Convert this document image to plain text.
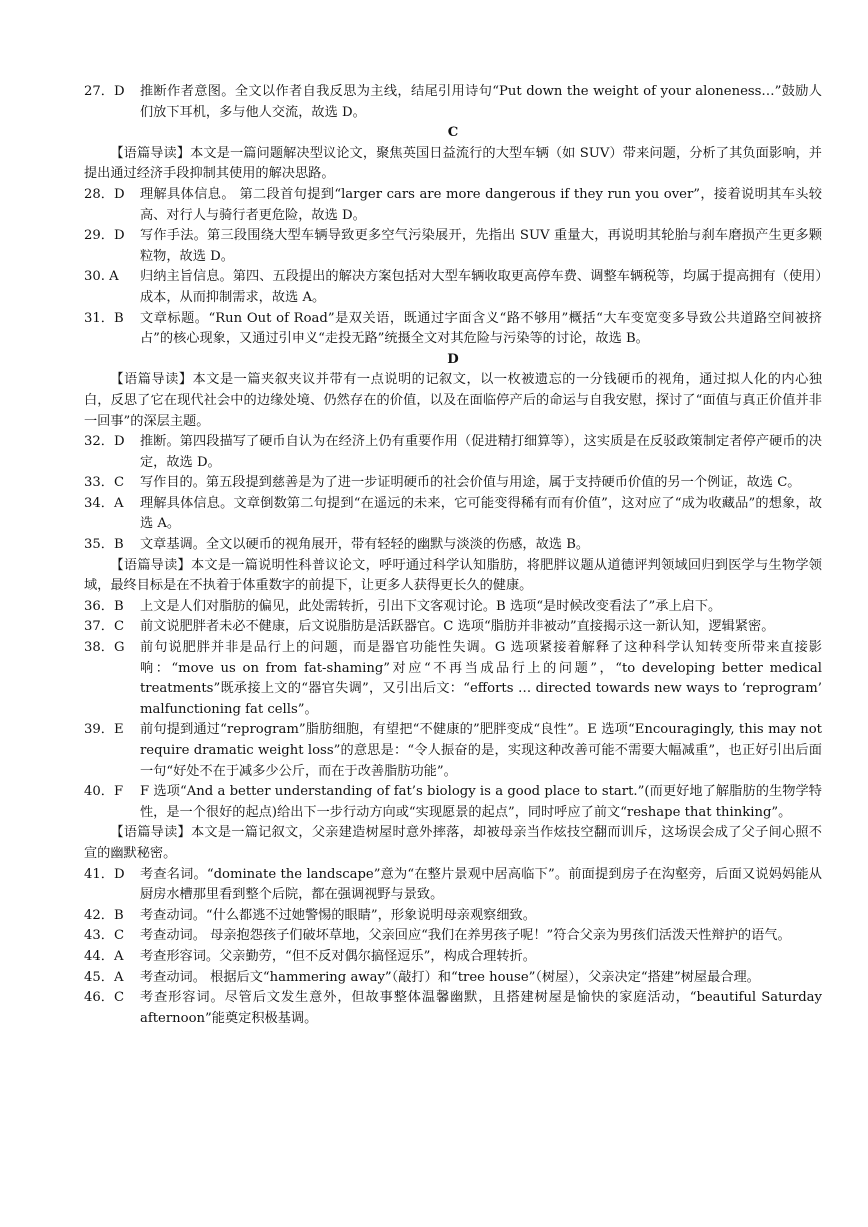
27．D	推断作者意图。全文以作者自我反思为主线，结尾引用诗句“Put down the weight of your aloneness…”鼓励人们放下耳机，多与他人交流，故选 D。
C

【语篇导读】本文是一篇问题解决型议论文，聚焦英国日益流行的大型车辆（如 SUV）带来问题，分析了其负面影响，并提出通过经济手段抑制其使用的解决思路。

28．D	理解具体信息。 第二段首句提到“larger cars are more dangerous if they run you over”，接着说明其车头较高、对行人与骑行者更危险，故选 D。
29．D	写作手法。第三段围绕大型车辆导致更多空气污染展开，先指出 SUV 重量大，再说明其轮胎与刹车磨损产生更多颗粒物，故选 D。
30. A	归纳主旨信息。第四、五段提出的解决方案包括对大型车辆收取更高停车费、调整车辆税等，均属于提高拥有（使用）成本，从而抑制需求，故选 A。
31．B	文章标题。“Run Out of Road”是双关语，既通过字面含义“路不够用”概括“大车变宽变多导致公共道路空间被挤占”的核心现象，又通过引申义“走投无路”统摄全文对其危险与污染等的讨论，故选 B。
D

【语篇导读】本文是一篇夹叙夹议并带有一点说明的记叙文，以一枚被遗忘的一分钱硬币的视角，通过拟人化的内心独白，反思了它在现代社会中的边缘处境、仍然存在的价值，以及在面临停产后的命运与自我安慰，探讨了“面值与真正价值并非一回事”的深层主题。

32．D	推断。第四段描写了硬币自认为在经济上仍有重要作用（促进精打细算等），这实质是在反驳政策制定者停产硬币的决定，故选 D。
33．C	写作目的。第五段提到慈善是为了进一步证明硬币的社会价值与用途，属于支持硬币价值的另一个例证，故选 C。
34．A	理解具体信息。文章倒数第二句提到“在遥远的未来，它可能变得稀有而有价值”，这对应了“成为收藏品”的想象，故选 A。
35．B	文章基调。全文以硬币的视角展开，带有轻轻的幽默与淡淡的伤感，故选 B。

【语篇导读】本文是一篇说明性科普议论文，呼吁通过科学认知脂肪，将肥胖议题从道德评判领域回归到医学与生物学领域，最终目标是在不执着于体重数字的前提下，让更多人获得更长久的健康。

36．B	上文是人们对脂肪的偏见，此处需转折，引出下文客观讨论。B 选项“是时候改变看法了”承上启下。
37．C	前文说肥胖者未必不健康，后文说脂肪是活跃器官。C 选项“脂肪并非被动”直接揭示这一新认知，逻辑紧密。
38．G	前句说肥胖并非是品行上的问题，而是器官功能性失调。G 选项紧接着解释了这种科学认知转变所带来直接影响：“move us on from fat-shaming”对应“不再当成品行上的问题”，“to developing better medical treatments”既承接上文的“器官失调”，又引出后文：“efforts … directed towards new ways to ‘reprogram’ malfunctioning fat cells”。
39．E	前句提到通过“reprogram”脂肪细胞，有望把“不健康的”肥胖变成“良性”。E 选项“Encouragingly, this may not require dramatic weight loss”的意思是：“令人振奋的是，实现这种改善可能不需要大幅减重”，也正好引出后面一句“好处不在于减多少公斤，而在于改善脂肪功能”。
40．F	F 选项“And a better understanding of fat’s biology is a good place to start.”(而更好地了解脂肪的生物学特性，是一个很好的起点)给出下一步行动方向或“实现愿景的起点”，同时呼应了前文“reshape that thinking”。

【语篇导读】本文是一篇记叙文，父亲建造树屋时意外摔落，却被母亲当作炫技空翻而训斥，这场误会成了父子间心照不宣的幽默秘密。

41．D	考查名词。“dominate the landscape”意为“在整片景观中居高临下”。前面提到房子在沟壑旁，后面又说妈妈能从厨房水槽那里看到整个后院，都在强调视野与景致。
42．B	考查动词。“什么都逃不过她警惕的眼睛”，形象说明母亲观察细致。
43．C	考查动词。 母亲抱怨孩子们破坏草地，父亲回应“我们在养男孩子呢！”符合父亲为男孩们活泼天性辩护的语气。
44．A	考查形容词。父亲勤劳，“但不反对偶尔搞怪逗乐”，构成合理转折。
45．A	考查动词。 根据后文“hammering away”（敲打）和“tree house”（树屋），父亲决定“搭建”树屋最合理。
46．C	考查形容词。尽管后文发生意外，但故事整体温馨幽默，且搭建树屋是愉快的家庭活动，“beautiful Saturday afternoon”能奠定积极基调。
